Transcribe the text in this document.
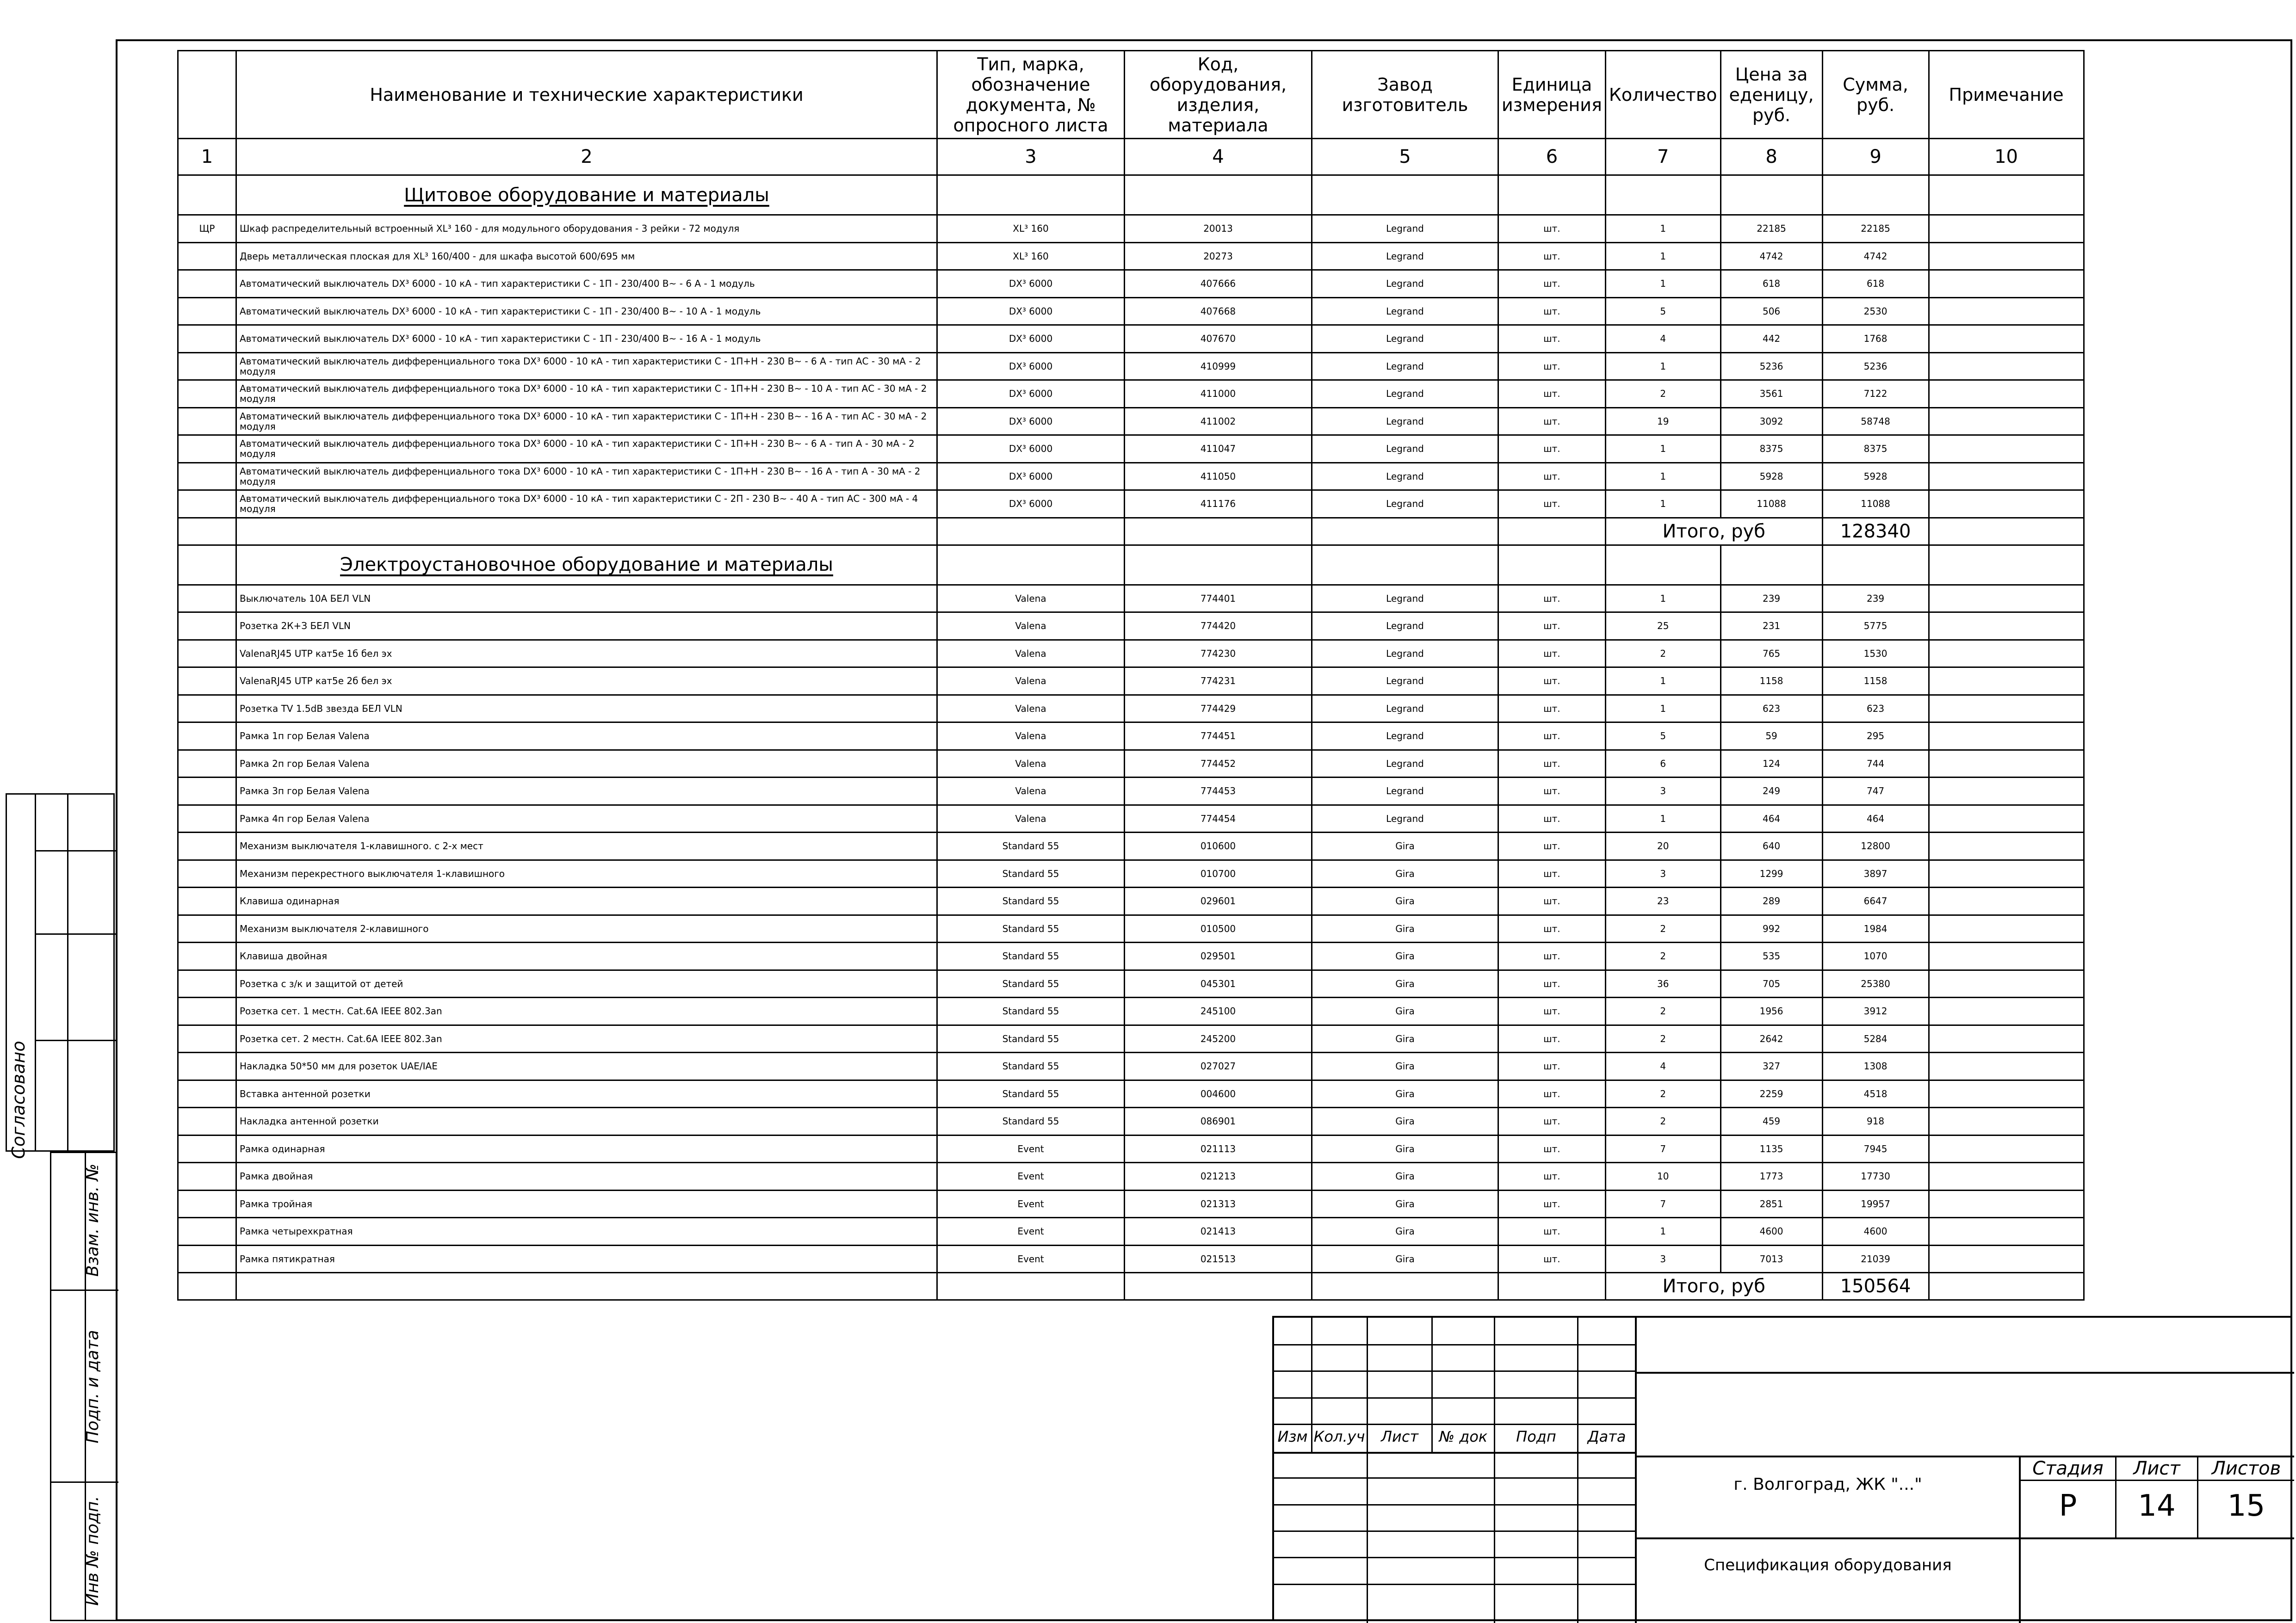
Согласовано
Взам. инв. №
Подп. и дата
Инв № подп.
	Наименование и технические характеристики	Тип, марка, обозначение документа, № опросного листа	Код, оборудования, изделия, материала	Завод изготовитель	Единица измерения	Количество	Цена за еденицу, руб.	Сумма, руб.	Примечание
1	2	3	4	5	6	7	8	9	10
	Щитовое оборудование и материалы								
ЩР	Шкаф распределительный встроенный XL³ 160 - для модульного оборудования - 3 рейки - 72 модуля	XL³ 160	20013	Legrand	шт.	1	22185	22185	
	Дверь металлическая плоская для XL³ 160/400 - для шкафа высотой 600/695 мм	XL³ 160	20273	Legrand	шт.	1	4742	4742	
	Автоматический выключатель DX³ 6000 - 10 кА - тип характеристики C - 1П - 230/400 В~ - 6 А - 1 модуль	DX³ 6000	407666	Legrand	шт.	1	618	618	
	Автоматический выключатель DX³ 6000 - 10 кА - тип характеристики C - 1П - 230/400 В~ - 10 А - 1 модуль	DX³ 6000	407668	Legrand	шт.	5	506	2530	
	Автоматический выключатель DX³ 6000 - 10 кА - тип характеристики C - 1П - 230/400 В~ - 16 А - 1 модуль	DX³ 6000	407670	Legrand	шт.	4	442	1768	
	Автоматический выключатель дифференциального тока DX³ 6000 - 10 кА - тип характеристики C - 1П+Н - 230 В~ - 6 А - тип АС - 30 мА - 2 модуля	DX³ 6000	410999	Legrand	шт.	1	5236	5236	
	Автоматический выключатель дифференциального тока DX³ 6000 - 10 кА - тип характеристики C - 1П+Н - 230 В~ - 10 А - тип АС - 30 мА - 2 модуля	DX³ 6000	411000	Legrand	шт.	2	3561	7122	
	Автоматический выключатель дифференциального тока DX³ 6000 - 10 кА - тип характеристики C - 1П+Н - 230 В~ - 16 А - тип АС - 30 мА - 2 модуля	DX³ 6000	411002	Legrand	шт.	19	3092	58748	
	Автоматический выключатель дифференциального тока DX³ 6000 - 10 кА - тип характеристики C - 1П+Н - 230 В~ - 6 А - тип А - 30 мА - 2 модуля	DX³ 6000	411047	Legrand	шт.	1	8375	8375	
	Автоматический выключатель дифференциального тока DX³ 6000 - 10 кА - тип характеристики C - 1П+Н - 230 В~ - 16 А - тип А - 30 мА - 2 модуля	DX³ 6000	411050	Legrand	шт.	1	5928	5928	
	Автоматический выключатель дифференциального тока DX³ 6000 - 10 кА - тип характеристики C - 2П - 230 В~ - 40 А - тип АС - 300 мА - 4 модуля	DX³ 6000	411176	Legrand	шт.	1	11088	11088	
						Итого, руб		128340	
	Электроустановочное оборудование и материалы								
	Выключатель 10А БЕЛ VLN	Valena	774401	Legrand	шт.	1	239	239	
	Розетка 2К+З БЕЛ VLN	Valena	774420	Legrand	шт.	25	231	5775	
	ValenaRJ45 UTP кат5е 1б бел эх	Valena	774230	Legrand	шт.	2	765	1530	
	ValenaRJ45 UTP кат5е 2б бел эх	Valena	774231	Legrand	шт.	1	1158	1158	
	Розетка TV 1.5dB звезда БЕЛ VLN	Valena	774429	Legrand	шт.	1	623	623	
	Рамка 1п гор Белая Valena	Valena	774451	Legrand	шт.	5	59	295	
	Рамка 2п гор Белая Valena	Valena	774452	Legrand	шт.	6	124	744	
	Рамка 3п гор Белая Valena	Valena	774453	Legrand	шт.	3	249	747	
	Рамка 4п гор Белая Valena	Valena	774454	Legrand	шт.	1	464	464	
	Механизм выключателя 1-клавишного. с 2-х мест	Standard 55	010600	Gira	шт.	20	640	12800	
	Механизм перекрестного выключателя 1-клавишного	Standard 55	010700	Gira	шт.	3	1299	3897	
	Клавиша одинарная	Standard 55	029601	Gira	шт.	23	289	6647	
	Механизм выключателя 2-клавишного	Standard 55	010500	Gira	шт.	2	992	1984	
	Клавиша двойная	Standard 55	029501	Gira	шт.	2	535	1070	
	Розетка с з/к и защитой от детей	Standard 55	045301	Gira	шт.	36	705	25380	
	Розетка сет. 1 местн. Cat.6A IEEE 802.3an	Standard 55	245100	Gira	шт.	2	1956	3912	
	Розетка сет. 2 местн. Cat.6A IEEE 802.3an	Standard 55	245200	Gira	шт.	2	2642	5284	
	Накладка 50*50 мм для розеток UAE/IAE	Standard 55	027027	Gira	шт.	4	327	1308	
	Вставка антенной розетки	Standard 55	004600	Gira	шт.	2	2259	4518	
	Накладка антенной розетки	Standard 55	086901	Gira	шт.	2	459	918	
	Рамка одинарная	Event	021113	Gira	шт.	7	1135	7945	
	Рамка двойная	Event	021213	Gira	шт.	10	1773	17730	
	Рамка тройная	Event	021313	Gira	шт.	7	2851	19957	
	Рамка четырехкратная	Event	021413	Gira	шт.	1	4600	4600	
	Рамка пятикратная	Event	021513	Gira	шт.	3	7013	21039	
						Итого, руб		150564	
Изм Кол.уч	Лист	№ док	Подп	Дата
г. Волгоград, ЖК "..."
Спецификация оборудования
Стадия	Лист	Листов
Р	14	15
